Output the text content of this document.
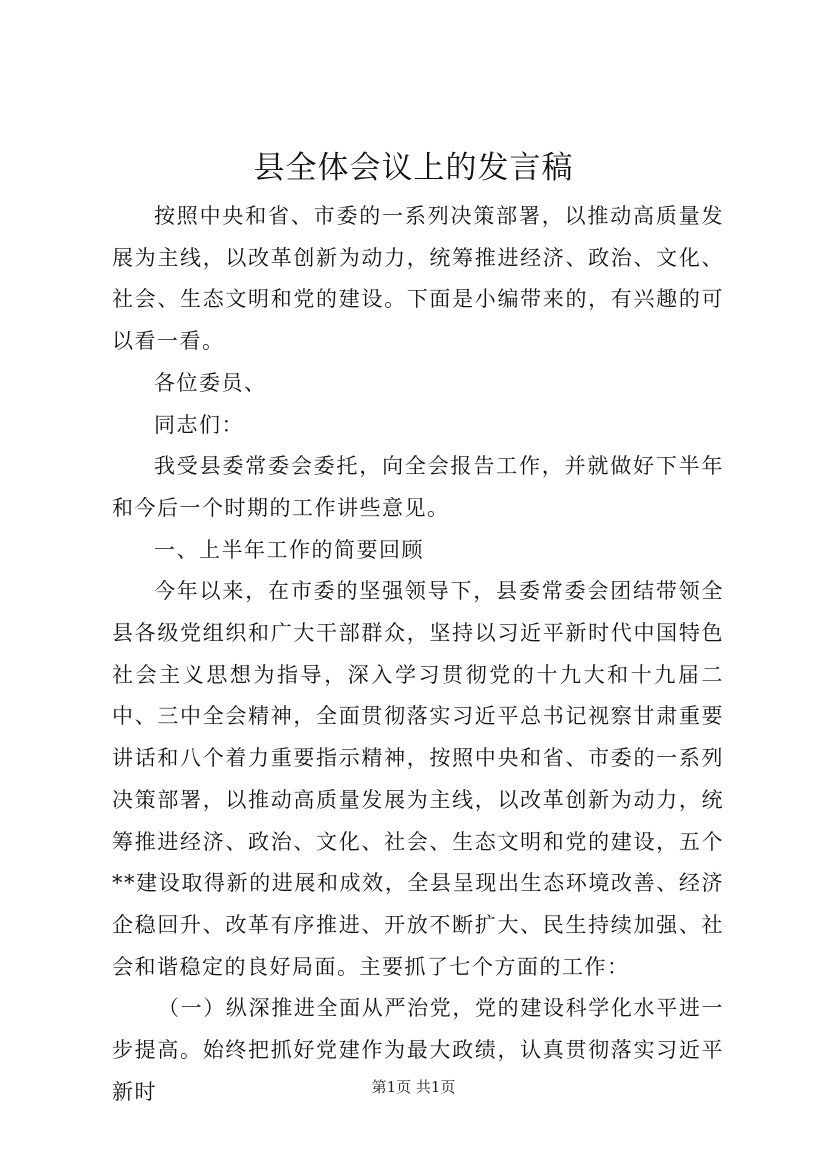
县全体会议上的发言稿

按照中央和省、市委的一系列决策部署，以推动高质量发展为主线，以改革创新为动力，统筹推进经济、政治、文化、社会、生态文明和党的建设。下面是小编带来的，有兴趣的可以看一看。

各位委员、

同志们：

我受县委常委会委托，向全会报告工作，并就做好下半年和今后一个时期的工作讲些意见。

一、上半年工作的简要回顾

今年以来，在市委的坚强领导下，县委常委会团结带领全县各级党组织和广大干部群众，坚持以习近平新时代中国特色社会主义思想为指导，深入学习贯彻党的十九大和十九届二中、三中全会精神，全面贯彻落实习近平总书记视察甘肃重要讲话和八个着力重要指示精神，按照中央和省、市委的一系列决策部署，以推动高质量发展为主线，以改革创新为动力，统筹推进经济、政治、文化、社会、生态文明和党的建设，五个**建设取得新的进展和成效，全县呈现出生态环境改善、经济企稳回升、改革有序推进、开放不断扩大、民生持续加强、社会和谐稳定的良好局面。主要抓了七个方面的工作：

（一）纵深推进全面从严治党，党的建设科学化水平进一步提高。始终把抓好党建作为最大政绩，认真贯彻落实习近平新时	第1页 共1页
